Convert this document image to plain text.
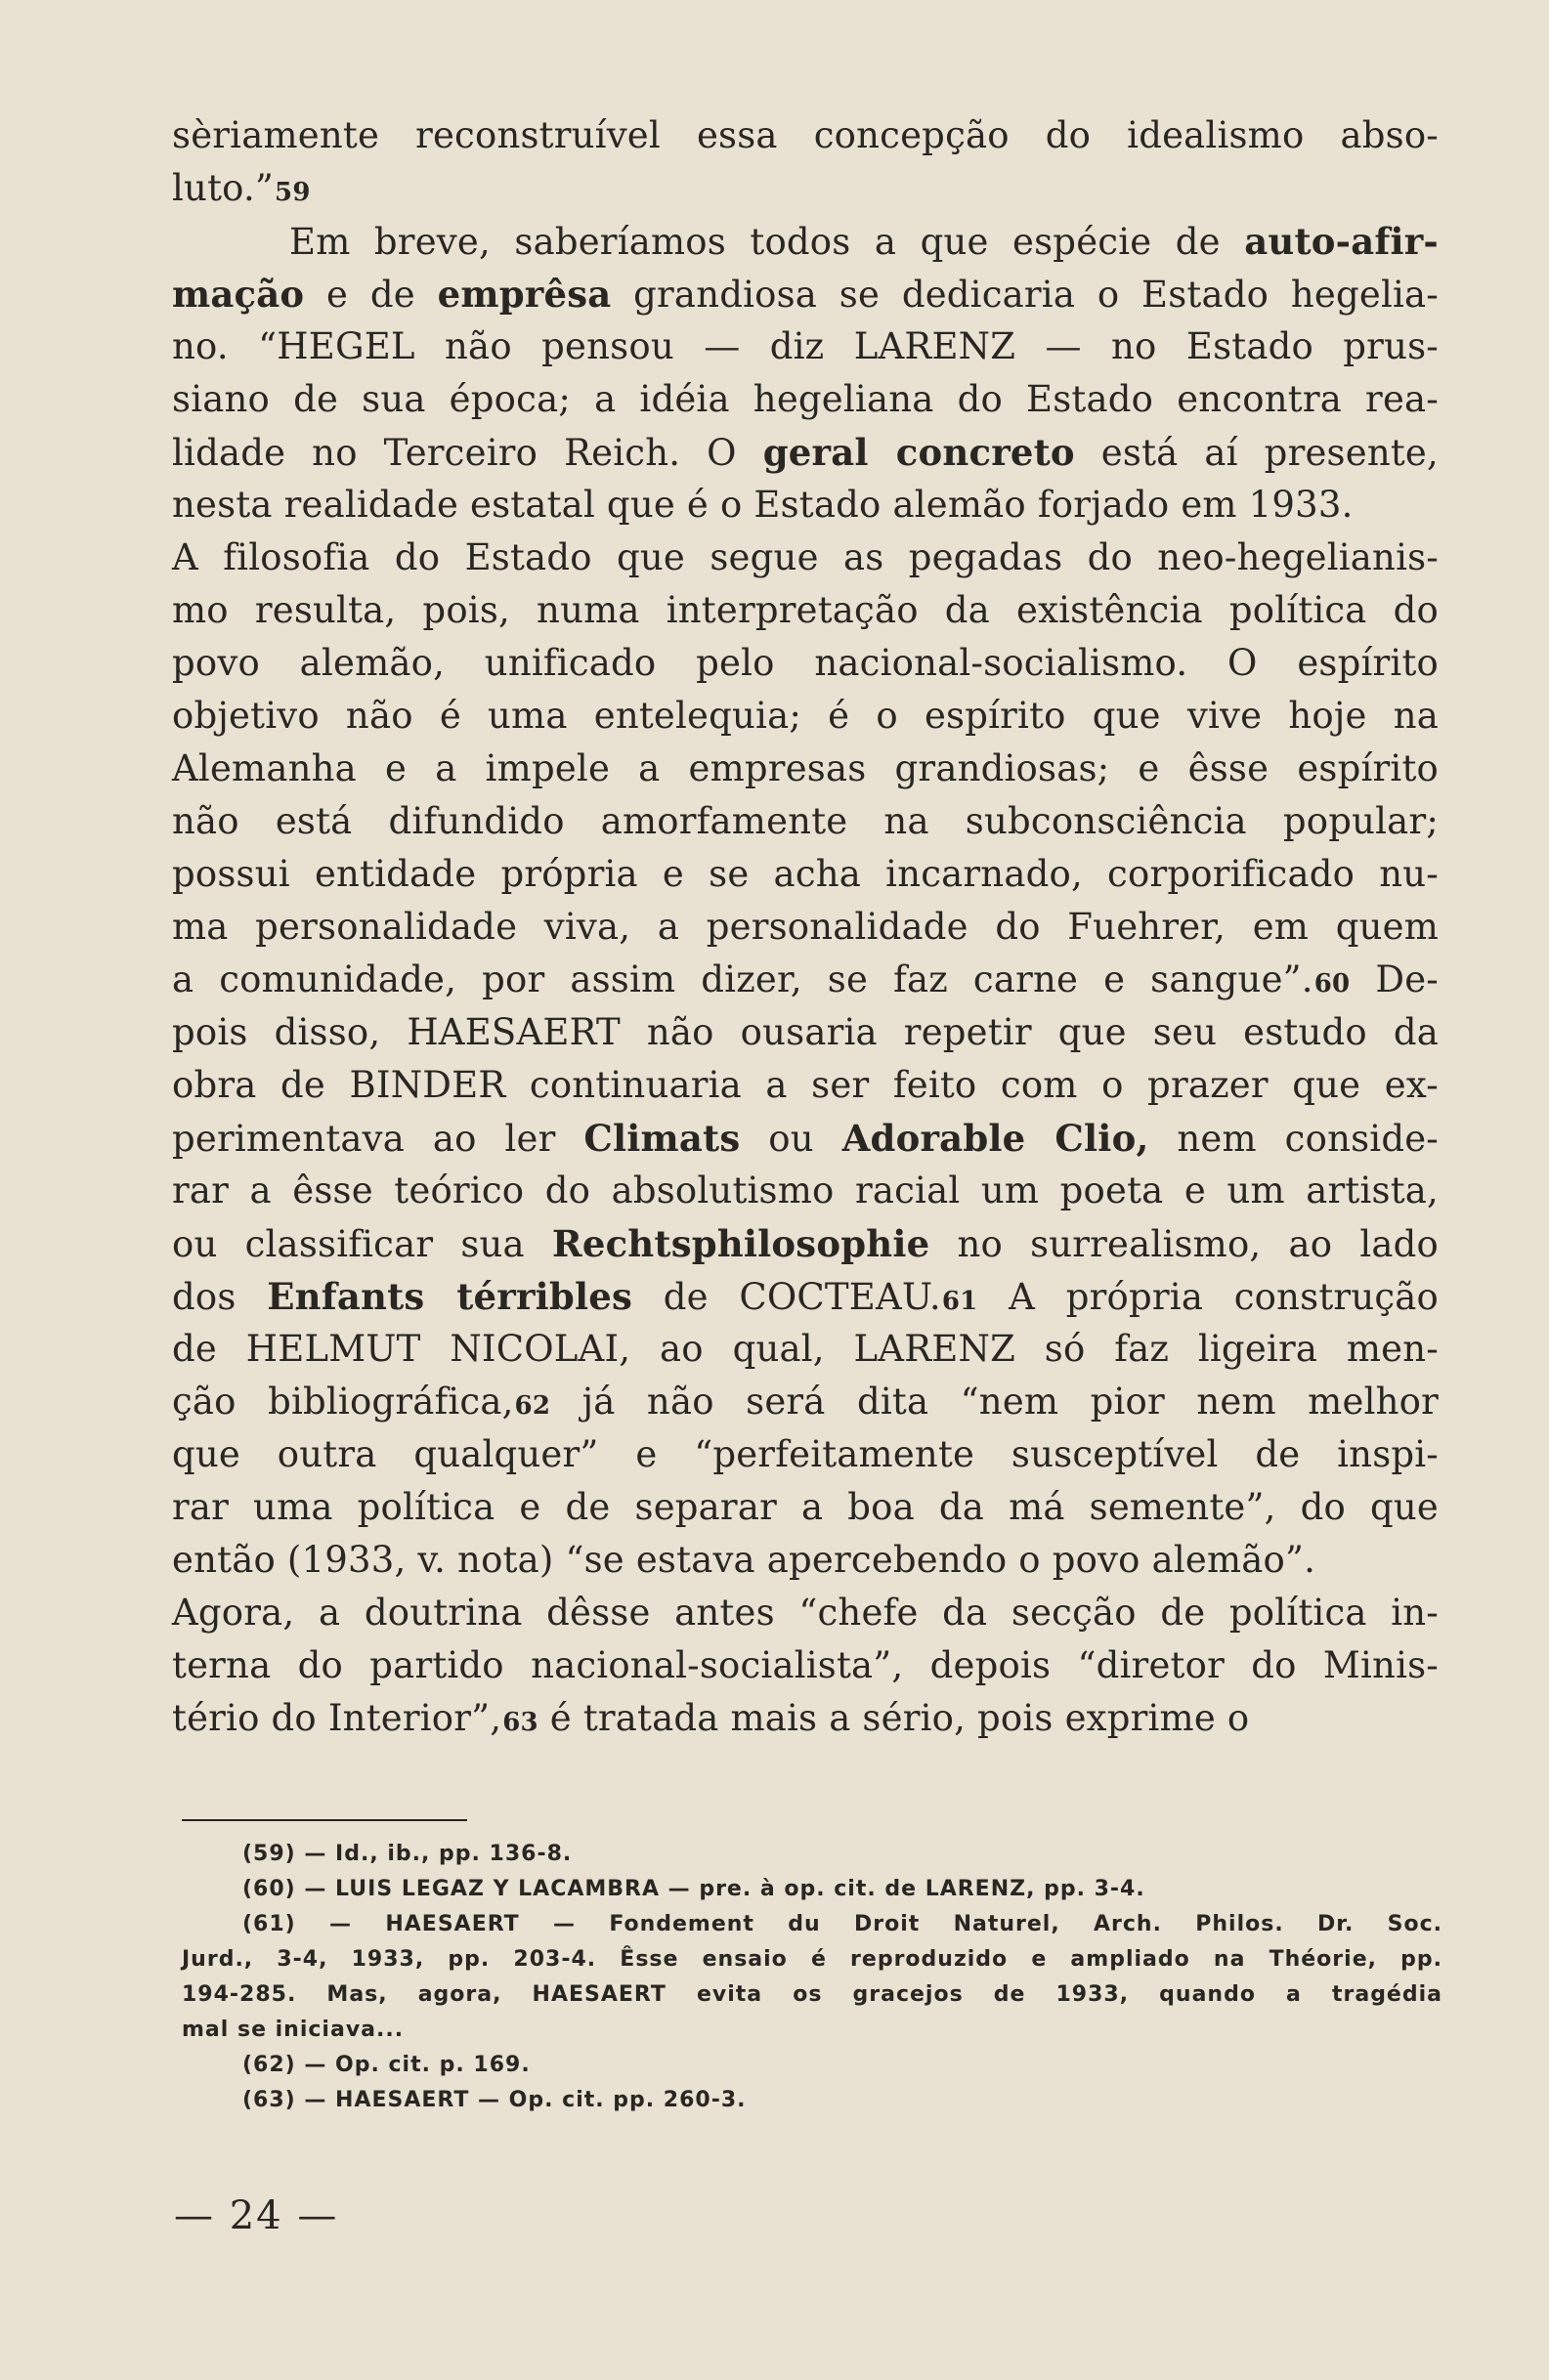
sèriamente reconstruível essa concepção do idealismo abso-
luto.”59
Em breve, saberíamos todos a que espécie de auto-afir-
mação e de emprêsa grandiosa se dedicaria o Estado hegelia-
no. “HEGEL não pensou — diz LARENZ — no Estado prus-
siano de sua época; a idéia hegeliana do Estado encontra rea-
lidade no Terceiro Reich. O geral concreto está aí presente,
nesta realidade estatal que é o Estado alemão forjado em 1933.
A filosofia do Estado que segue as pegadas do neo-hegelianis-
mo resulta, pois, numa interpretação da existência política do
povo alemão, unificado pelo nacional-socialismo. O espírito
objetivo não é uma entelequia; é o espírito que vive hoje na
Alemanha e a impele a empresas grandiosas; e êsse espírito
não está difundido amorfamente na subconsciência popular;
possui entidade própria e se acha incarnado, corporificado nu-
ma personalidade viva, a personalidade do Fuehrer, em quem
a comunidade, por assim dizer, se faz carne e sangue”.60 De-
pois disso, HAESAERT não ousaria repetir que seu estudo da
obra de BINDER continuaria a ser feito com o prazer que ex-
perimentava ao ler Climats ou Adorable Clio, nem conside-
rar a êsse teórico do absolutismo racial um poeta e um artista,
ou classificar sua Rechtsphilosophie no surrealismo, ao lado
dos Enfants térribles de COCTEAU.61 A própria construção
de HELMUT NICOLAI, ao qual, LARENZ só faz ligeira men-
ção bibliográfica,62 já não será dita “nem pior nem melhor
que outra qualquer” e “perfeitamente susceptível de inspi-
rar uma política e de separar a boa da má semente”, do que
então (1933, v. nota) “se estava apercebendo o povo alemão”.
Agora, a doutrina dêsse antes “chefe da secção de política in-
terna do partido nacional-socialista”, depois “diretor do Minis-
tério do Interior”,63 é tratada mais a sério, pois exprime o
(59) — Id., ib., pp. 136-8.
(60) — LUIS LEGAZ Y LACAMBRA — pre. à op. cit. de LARENZ, pp. 3-4.
(61) — HAESAERT — Fondement du Droit Naturel, Arch. Philos. Dr. Soc.
Jurd., 3-4, 1933, pp. 203-4. Êsse ensaio é reproduzido e ampliado na Théorie, pp.
194-285. Mas, agora, HAESAERT evita os gracejos de 1933, quando a tragédia
mal se iniciava...
(62) — Op. cit. p. 169.
(63) — HAESAERT — Op. cit. pp. 260-3.
— 24 —
